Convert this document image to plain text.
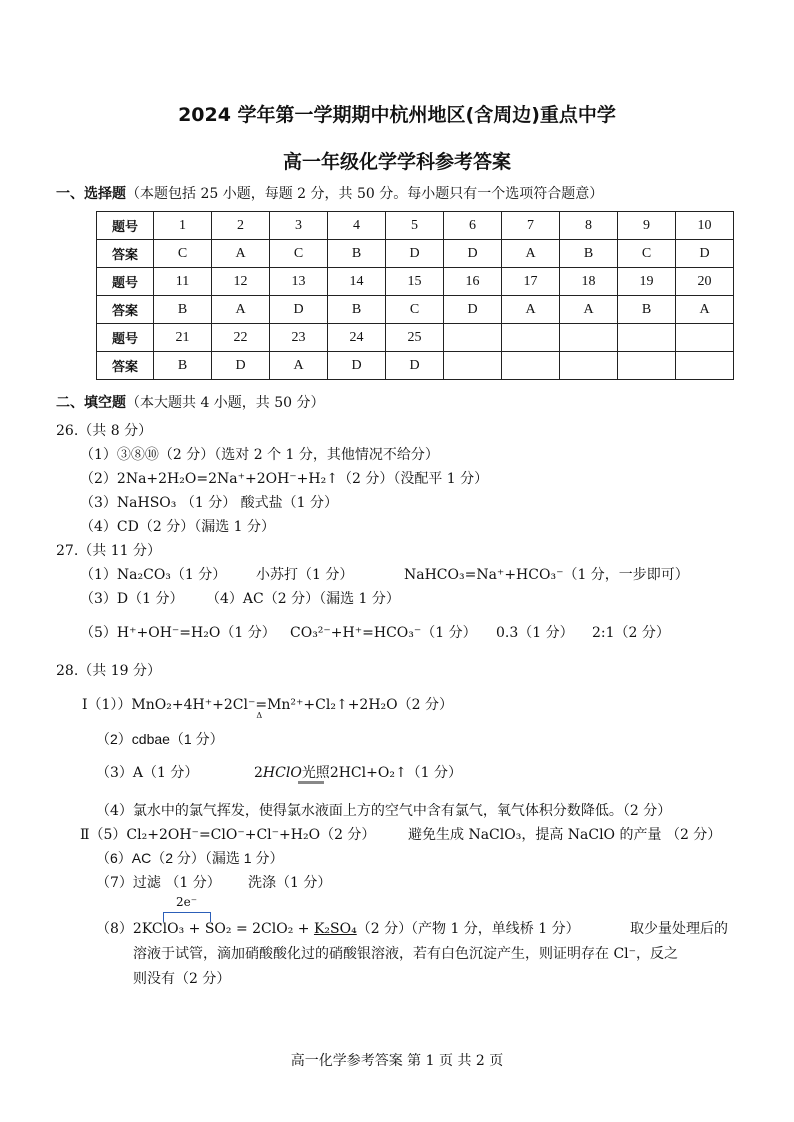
2024 学年第一学期期中杭州地区(含周边)重点中学
高一年级化学学科参考答案
一、选择题（本题包括 25 小题，每题 2 分，共 50 分。每小题只有一个选项符合题意）
题号	1	2	3	4	5	6	7	8	9	10
答案	C	A	C	B	D	D	A	B	C	D
题号	11	12	13	14	15	16	17	18	19	20
答案	B	A	D	B	C	D	A	A	B	A
题号	21	22	23	24	25					
答案	B	D	A	D	D					
二、填空题（本大题共 4 小题，共 50 分）
26.（共 8 分）
（1）③⑧⑩（2 分）（选对 2 个 1 分，其他情况不给分）
（2）2Na+2H₂O=2Na⁺+2OH⁻+H₂↑（2 分）（没配平 1 分）
（3）NaHSO₃ （1 分） 酸式盐（1 分）
（4）CD（2 分）（漏选 1 分）
27.（共 11 分）
（1）Na₂CO₃（1 分） 小苏打（1 分）	NaHCO₃=Na⁺+HCO₃⁻（1 分，一步即可）
（3）D（1 分） （4）AC（2 分）（漏选 1 分）
（5）H⁺+OH⁻=H₂O（1 分） CO₃²⁻+H⁺=HCO₃⁻（1 分） 0.3（1 分） 2:1（2 分）
28.（共 19 分）
Ⅰ（1））MnO₂+4H⁺+2Cl⁻=
Δ
Mn²⁺+Cl₂↑+2H₂O（2 分）
（2）cdbae（1 分）
（3）A（1 分）	2HClO光照2HCl+O₂↑（1 分）
（4）氯水中的氯气挥发，使得氯水液面上方的空气中含有氯气，氧气体积分数降低。（2 分）
Ⅱ（5）Cl₂+2OH⁻=ClO⁻+Cl⁻+H₂O（2 分） 避免生成 NaClO₃，提高 NaClO 的产量 （2 分）
（6）AC（2 分）（漏选 1 分）
（7）过滤 （1 分） 洗涤（1 分）
2e⁻
（8）2KClO₃ + SO₂ = 2ClO₂ + K₂SO₄（2 分）
（产物 1 分，单线桥 1 分）	取少量处理后的
溶液于试管，滴加硝酸酸化过的硝酸银溶液，若有白色沉淀产生，则证明存在 Cl⁻，反之
则没有（2 分）
高一化学参考答案 第 1 页 共 2 页
